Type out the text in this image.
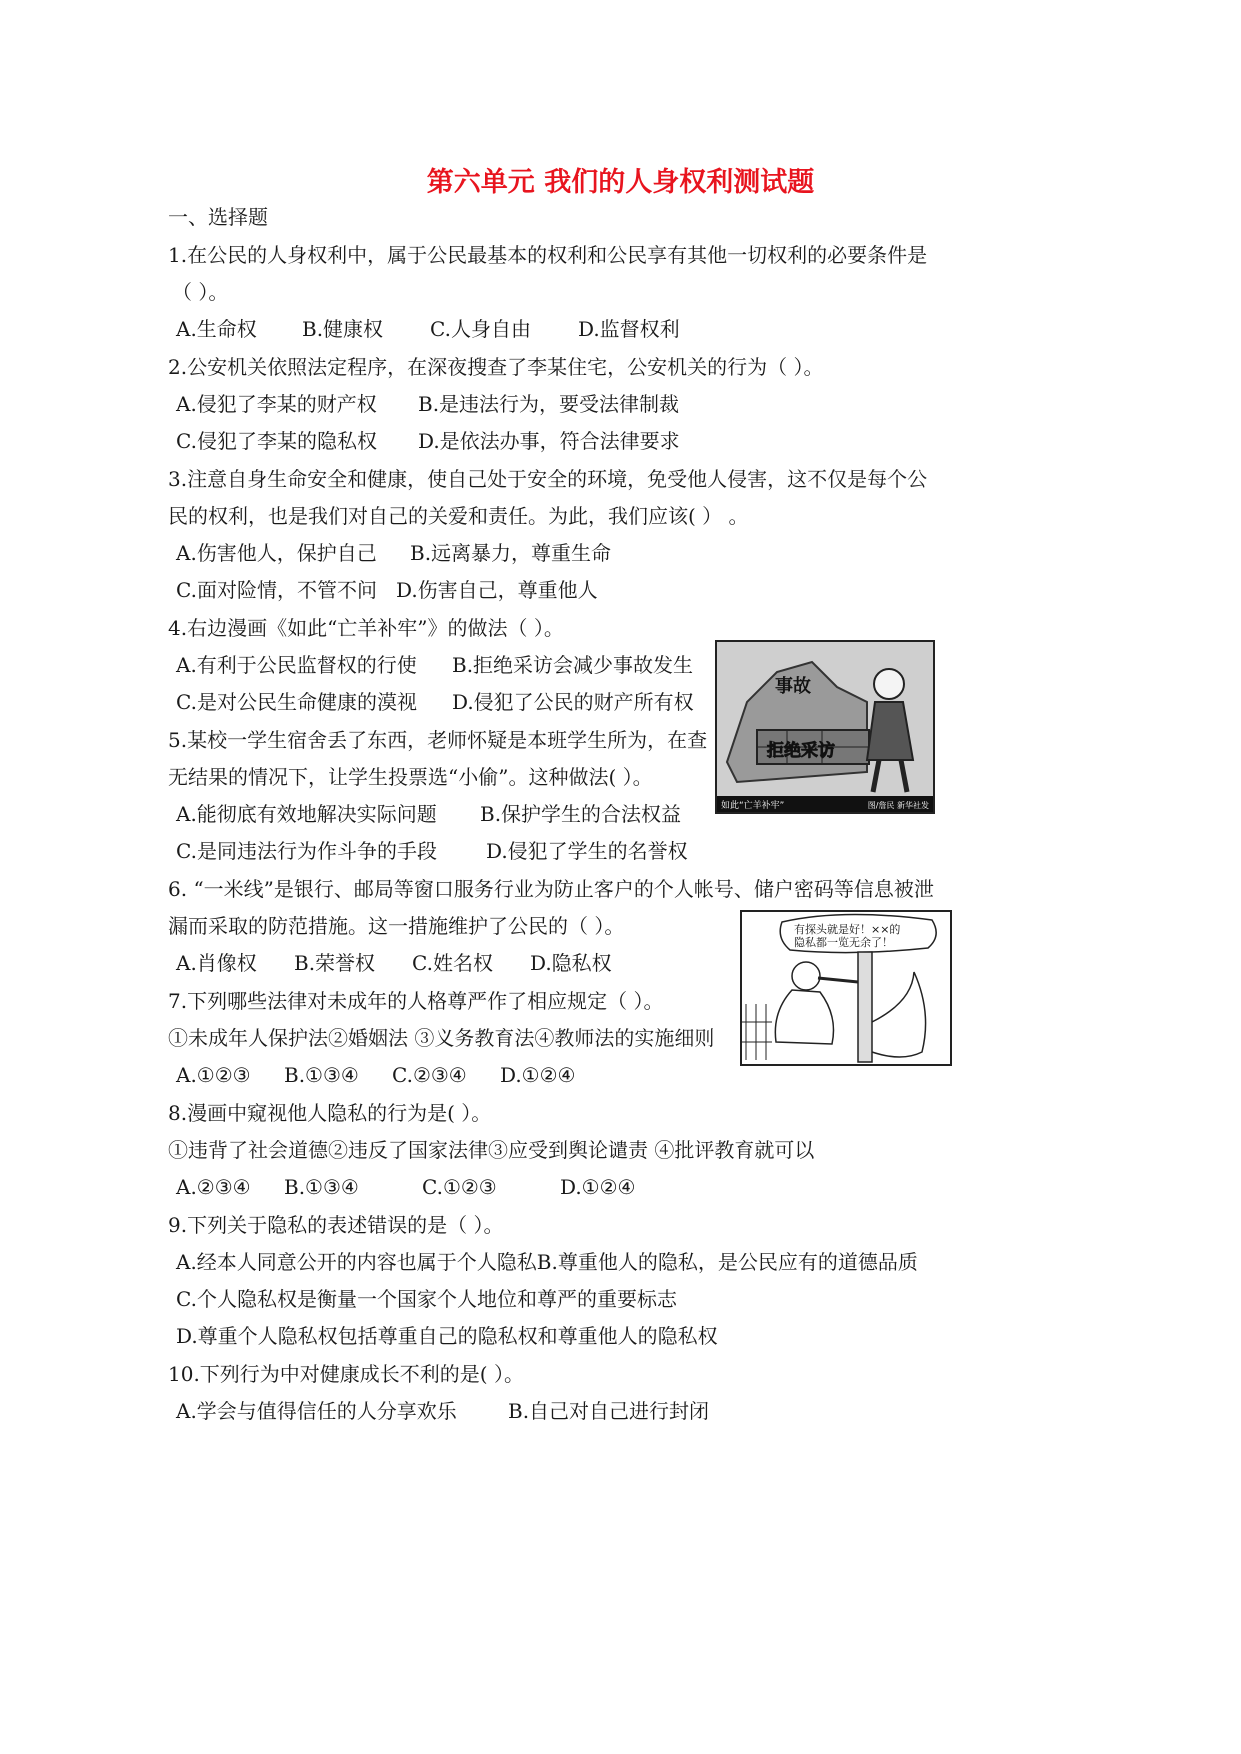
第六单元 我们的人身权利测试题
一、选择题
1.在公民的人身权利中，属于公民最基本的权利和公民享有其他一切权利的必要条件是
（ ）。
A.生命权 B.健康权 C.人身自由 D.监督权利
2.公安机关依照法定程序，在深夜搜查了李某住宅，公安机关的行为（ ）。
A.侵犯了李某的财产权 B.是违法行为，要受法律制裁
C.侵犯了李某的隐私权 D.是依法办事，符合法律要求
3.注意自身生命安全和健康，使自己处于安全的环境，免受他人侵害，这不仅是每个公
民的权利，也是我们对自己的关爱和责任。为此，我们应该( ） 。
A.伤害他人，保护自己 B.远离暴力，尊重生命
C.面对险情，不管不问 D.伤害自己，尊重他人
4.右边漫画《如此“亡羊补牢”》的做法（ ）。
A.有利于公民监督权的行使 B.拒绝采访会减少事故发生
C.是对公民生命健康的漠视 D.侵犯了公民的财产所有权
5.某校一学生宿舍丢了东西，老师怀疑是本班学生所为，在查
无结果的情况下，让学生投票选“小偷”。这种做法( ）。
A.能彻底有效地解决实际问题 B.保护学生的合法权益
C.是同违法行为作斗争的手段 D.侵犯了学生的名誉权
6. “一米线”是银行、邮局等窗口服务行业为防止客户的个人帐号、储户密码等信息被泄
漏而采取的防范措施。这一措施维护了公民的（ ）。
A.肖像权 B.荣誉权 C.姓名权 D.隐私权
7.下列哪些法律对未成年的人格尊严作了相应规定（ ）。
①未成年人保护法②婚姻法 ③义务教育法④教师法的实施细则
A.①②③ B.①③④ C.②③④ D.①②④
8.漫画中窥视他人隐私的行为是( ）。
①违背了社会道德②违反了国家法律③应受到舆论谴责 ④批评教育就可以
A.②③④ B.①③④	C.①②③	D.①②④
9.下列关于隐私的表述错误的是（ ）。
A.经本人同意公开的内容也属于个人隐私B.尊重他人的隐私，是公民应有的道德品质
C.个人隐私权是衡量一个国家个人地位和尊严的重要标志
D.尊重个人隐私权包括尊重自己的隐私权和尊重他人的隐私权
10.下列行为中对健康成长不利的是( ）。
A.学会与值得信任的人分享欢乐	B.自己对自己进行封闭
事故
拒绝采访
如此“亡羊补牢”	图/詹民 新华社发
有探头就是好！××的
隐私都一览无余了！
